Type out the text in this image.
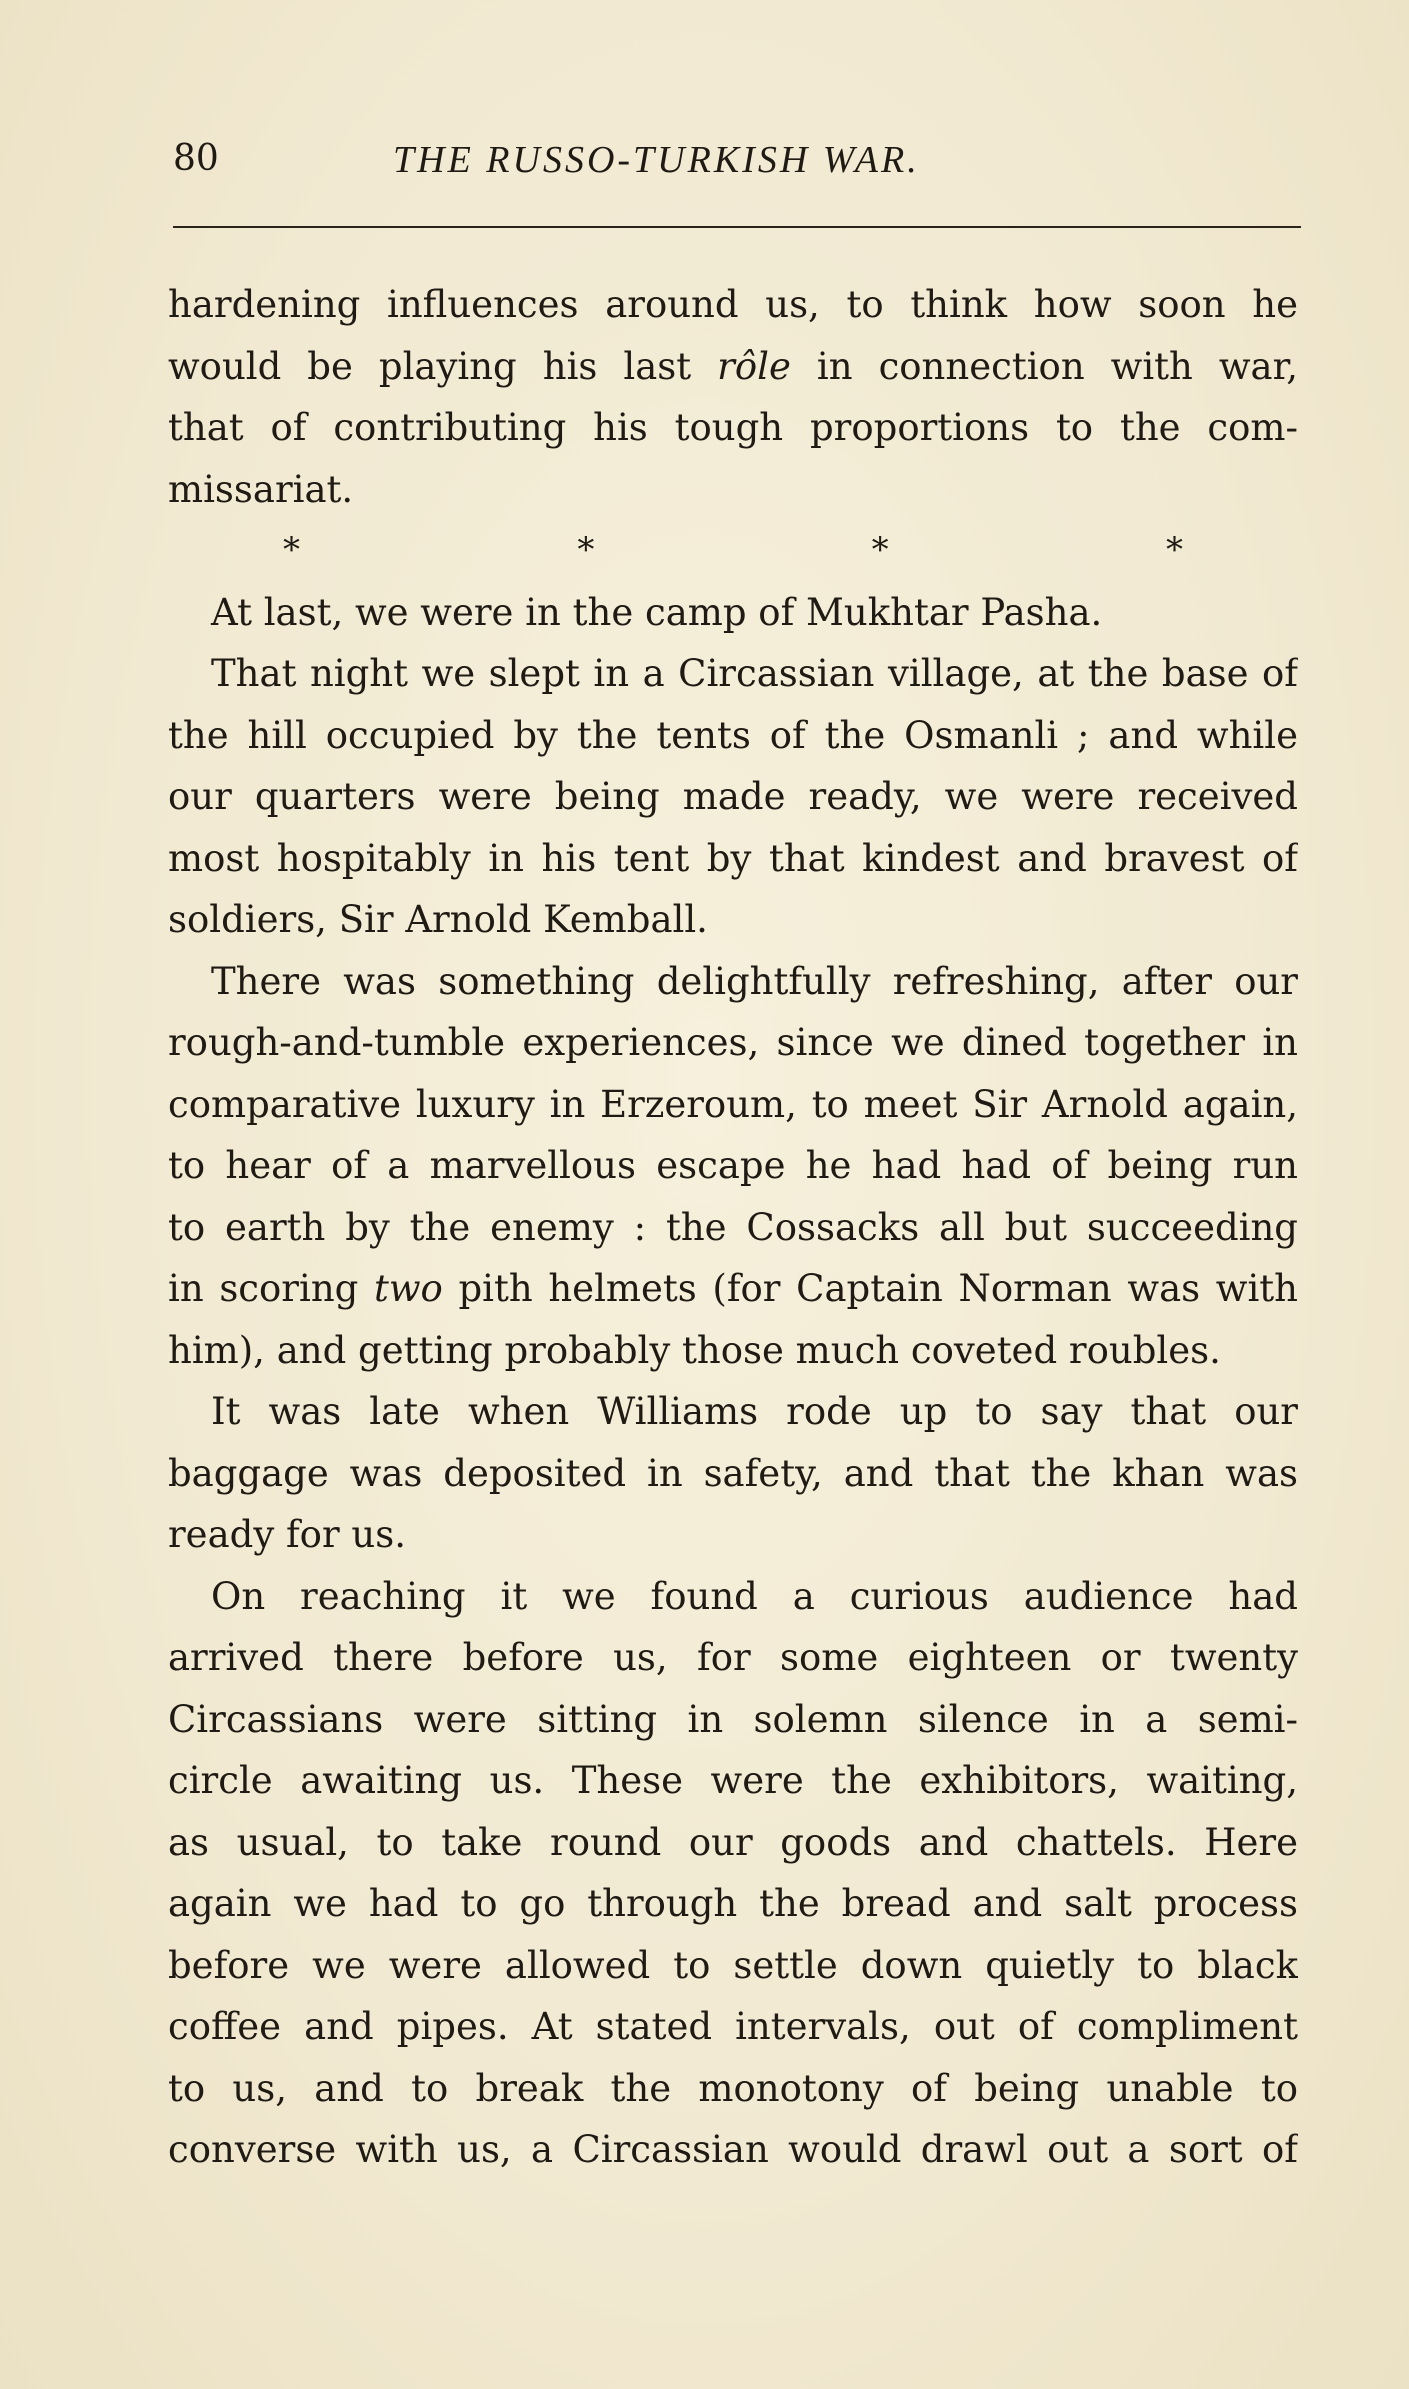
80	THE RUSSO-TURKISH WAR.
hardening influences around us, to think how soon he
would be playing his last rôle in connection with war,
that of contributing his tough proportions to the com-
missariat.
*	*	*	*
At last, we were in the camp of Mukhtar Pasha.
That night we slept in a Circassian village, at the base of
the hill occupied by the tents of the Osmanli ; and while
our quarters were being made ready, we were received
most hospitably in his tent by that kindest and bravest of
soldiers, Sir Arnold Kemball.
There was something delightfully refreshing, after our
rough-and-tumble experiences, since we dined together in
comparative luxury in Erzeroum, to meet Sir Arnold again,
to hear of a marvellous escape he had had of being run
to earth by the enemy : the Cossacks all but succeeding
in scoring two pith helmets (for Captain Norman was with
him), and getting probably those much coveted roubles.
It was late when Williams rode up to say that our
baggage was deposited in safety, and that the khan was
ready for us.
On reaching it we found a curious audience had
arrived there before us, for some eighteen or twenty
Circassians were sitting in solemn silence in a semi-
circle awaiting us. These were the exhibitors, waiting,
as usual, to take round our goods and chattels. Here
again we had to go through the bread and salt process
before we were allowed to settle down quietly to black
coffee and pipes. At stated intervals, out of compliment
to us, and to break the monotony of being unable to
converse with us, a Circassian would drawl out a sort of
